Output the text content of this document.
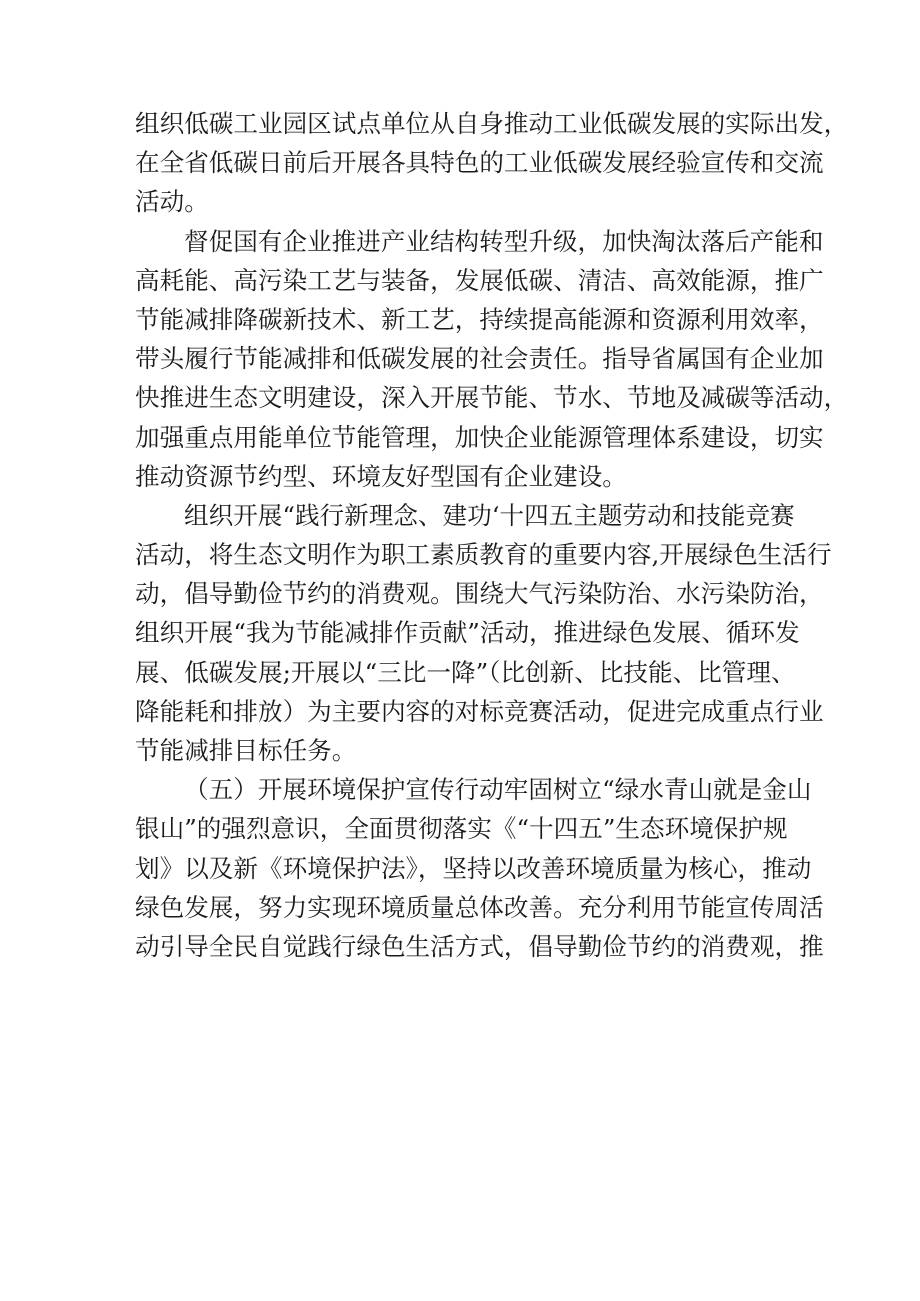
组织低碳工业园区试点单位从自身推动工业低碳发展的实际出发，
在全省低碳日前后开展各具特色的工业低碳发展经验宣传和交流
活动。
督促国有企业推进产业结构转型升级，加快淘汰落后产能和
高耗能、高污染工艺与装备，发展低碳、清洁、高效能源，推广
节能减排降碳新技术、新工艺，持续提高能源和资源利用效率，
带头履行节能减排和低碳发展的社会责任。指导省属国有企业加
快推进生态文明建设，深入开展节能、节水、节地及减碳等活动，
加强重点用能单位节能管理，加快企业能源管理体系建设，切实
推动资源节约型、环境友好型国有企业建设。
组织开展“践行新理念、建功‘十四五主题劳动和技能竞赛
活动，将生态文明作为职工素质教育的重要内容,开展绿色生活行
动，倡导勤俭节约的消费观。围绕大气污染防治、水污染防治，
组织开展“我为节能减排作贡献”活动，推进绿色发展、循环发
展、低碳发展;开展以“三比一降”（比创新、比技能、比管理、
降能耗和排放）为主要内容的对标竞赛活动，促进完成重点行业
节能减排目标任务。
（五）开展环境保护宣传行动牢固树立“绿水青山就是金山
银山”的强烈意识，全面贯彻落实《“十四五”生态环境保护规
划》以及新《环境保护法》，坚持以改善环境质量为核心，推动
绿色发展，努力实现环境质量总体改善。充分利用节能宣传周活
动引导全民自觉践行绿色生活方式，倡导勤俭节约的消费观，推
